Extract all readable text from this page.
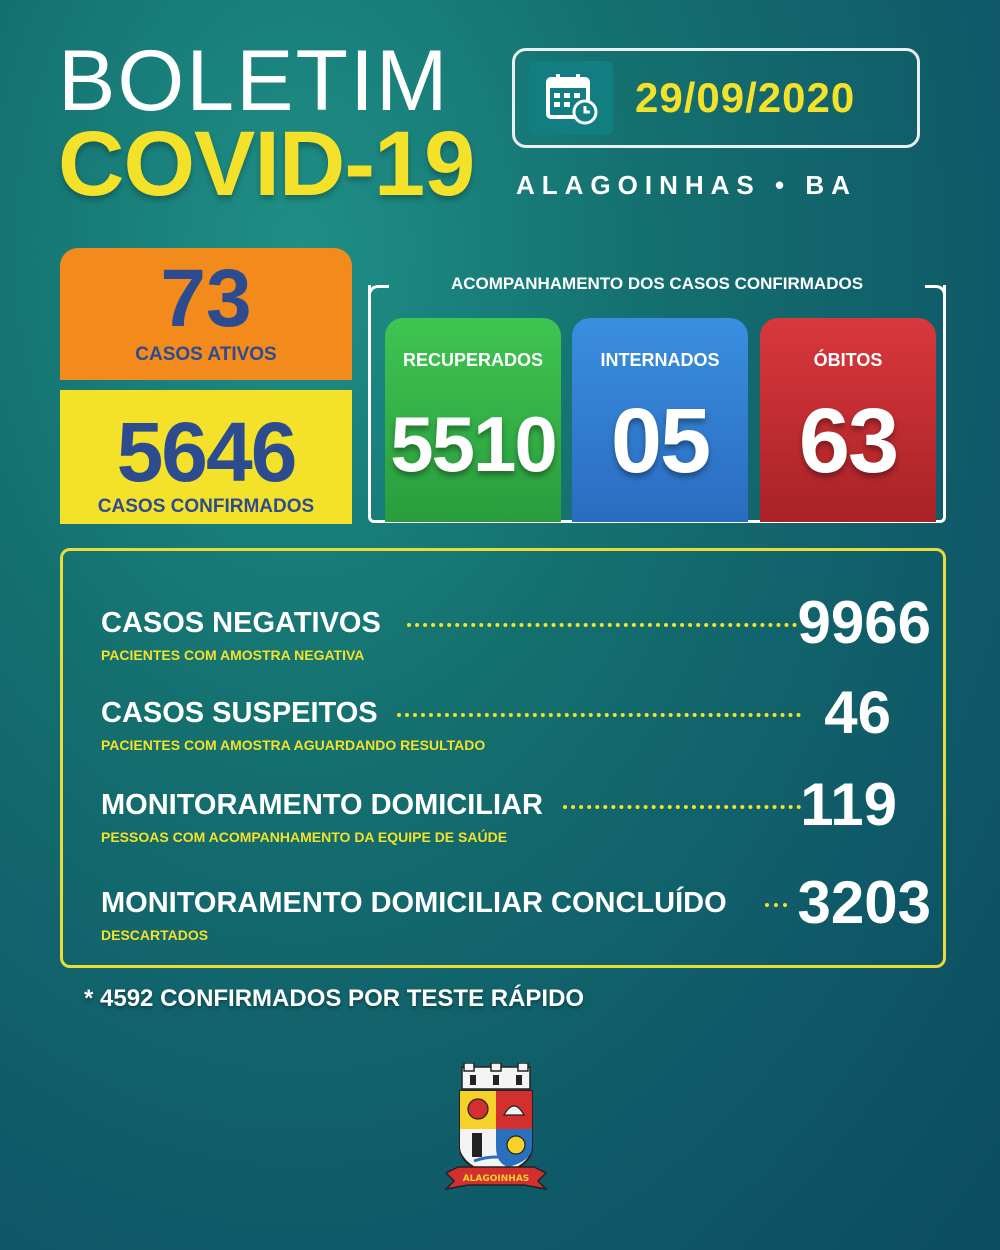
BOLETIM
COVID-19
29/09/2020
ALAGOINHAS • BA
73
CASOS ATIVOS
5646
CASOS CONFIRMADOS
ACOMPANHAMENTO DOS CASOS CONFIRMADOS
RECUPERADOS
5510
INTERNADOS
05
ÓBITOS
63
CASOS NEGATIVOS	9966
PACIENTES COM AMOSTRA NEGATIVA
CASOS SUSPEITOS	46
PACIENTES COM AMOSTRA AGUARDANDO RESULTADO
MONITORAMENTO DOMICILIAR	119
PESSOAS COM ACOMPANHAMENTO DA EQUIPE DE SAÚDE
MONITORAMENTO DOMICILIAR CONCLUÍDO 3203
DESCARTADOS
* 4592 CONFIRMADOS POR TESTE RÁPIDO
ALAGOINHAS
